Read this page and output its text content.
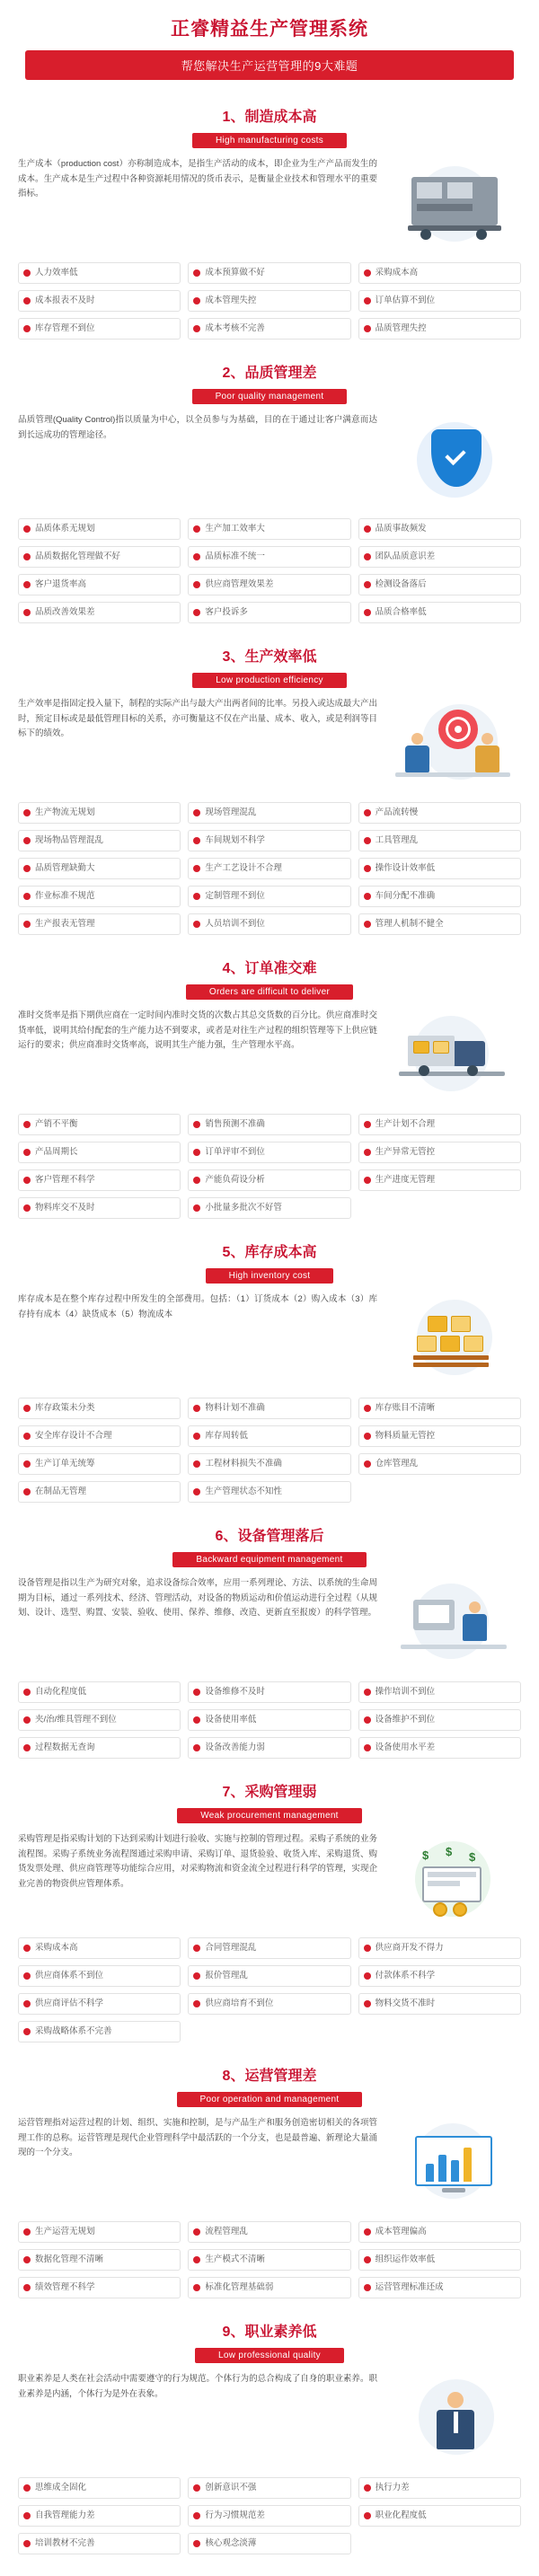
正睿精益生产管理系统
帮您解决生产运营管理的9大难题
1、制造成本高
High manufacturing costs
生产成本（production cost）亦称制造成本，是指生产活动的成本，即企业为生产产品而发生的成本。生产成本是生产过程中各种资源耗用情况的货币表示，是衡量企业技术和管理水平的重要指标。
人力效率低	成本预算做不好	采购成本高
成本报表不及时	成本管理失控	订单估算不到位
库存管理不到位	成本考核不完善	品质管理失控
2、品质管理差
Poor quality management
品质管理(Quality Control)指以质量为中心，以全员参与为基础，目的在于通过让客户满意而达到长远成功的管理途径。
品质体系无规划	生产加工效率大	品质事故频发
品质数据化管理做不好	品质标准不统一	团队品质意识差
客户退货率高	供应商管理效果差	检测设备落后
品质改善效果差	客户投诉多	品质合格率低
3、生产效率低
Low production efficiency
生产效率是指固定投入量下，制程的实际产出与最大产出两者间的比率。另投入或达成最大产出时，预定目标或是最低管理目标的关系，亦可衡量这不仅在产出量、成本、收入，或是利润等目标下的绩效。
生产物流无规划	现场管理混乱	产品流转慢
现场物品管理混乱	车间规划不科学	工具管理乱
品质管理缺勤大	生产工艺设计不合理	操作设计效率低
作业标准不规范	定制管理不到位	车间分配不准确
生产报表无管理	人员培训不到位	管理人机制不健全
4、订单准交难
Orders are difficult to deliver
准时交货率是指下期供应商在一定时间内准时交货的次数占其总交货数的百分比。供应商准时交货率低，说明其给付配套的生产能力达不到要求，或者是对往生产过程的组织管理等下上供应链运行的要求；供应商准时交货率高，说明其生产能力强，生产管理水平高。
产销不平衡	销售预测不准确	生产计划不合理
产品周期长	订单评审不到位	生产异常无管控
客户管理不科学	产能负荷设分析	生产进度无管理
物料库交不及时	小批量多批次不好管
5、库存成本高
High inventory cost
库存成本是在整个库存过程中所发生的全部费用。包括：（1）订货成本（2）购入成本（3）库存持有成本（4）缺货成本（5）物流成本
库存政策未分类	物料计划不准确	库存账目不清晰
安全库存设计不合理	库存周转低	物料质量无管控
生产订单无统筹	工程材料损失不准确	仓库管理乱
在制品无管理	生产管理状态不知性
6、设备管理落后
Backward equipment management
设备管理是指以生产为研究对象，追求设备综合效率，应用一系列理论、方法、以系统的生命周期为目标，通过一系列技术、经济、管理活动，对设备的物质运动和价值运动进行全过程（从规划、设计、选型、购置、安装、验收、使用、保养、维修、改造、更新直至报废）的科学管理。
自动化程度低	设备维修不及时	操作培训不到位
夹/治/维具管理不到位	设备使用率低	设备维护不到位
过程数据无查询	设备改善能力弱	设备使用水平差
7、采购管理弱
Weak procurement management
采购管理是指采购计划的下达到采购计划进行验收、实施与控制的管理过程。采购子系统的业务流程图。采购子系统业务流程图通过采购申请、采购订单、退货验验、收货入库、采购退货、购货发票处理、供应商管理等功能综合应用，对采购物流和资金流全过程进行科学的管理，实现企业完善的物资供应管理体系。
$ $ $
采购成本高	合同管理混乱	供应商开发不得力
供应商体系不到位	报价管理乱	付款体系不科学
供应商评估不科学	供应商培育不到位	物料交货不准时
采购战略体系不完善
8、运营管理差
Poor operation and management
运营管理指对运营过程的计划、组织、实施和控制，是与产品生产和服务创造密切相关的各项管理工作的总称。运营管理是现代企业管理科学中最活跃的一个分支，也是最普遍、新理论大量涌现的一个分支。
生产运营无规划	流程管理乱	成本管理偏高
数据化管理不清晰	生产模式不清晰	组织运作效率低
绩效管理不科学	标准化管理基础弱	运营管理标准还成
9、职业素养低
Low professional quality
职业素养是人类在社会活动中需要遵守的行为规范。个体行为的总合构成了自身的职业素养。职业素养是内涵，个体行为是外在表象。
思维成全固化	创新意识不强	执行力差
自我管理能力差	行为习惯规范差	职业化程度低
培训教材不完善	核心观念淡薄
